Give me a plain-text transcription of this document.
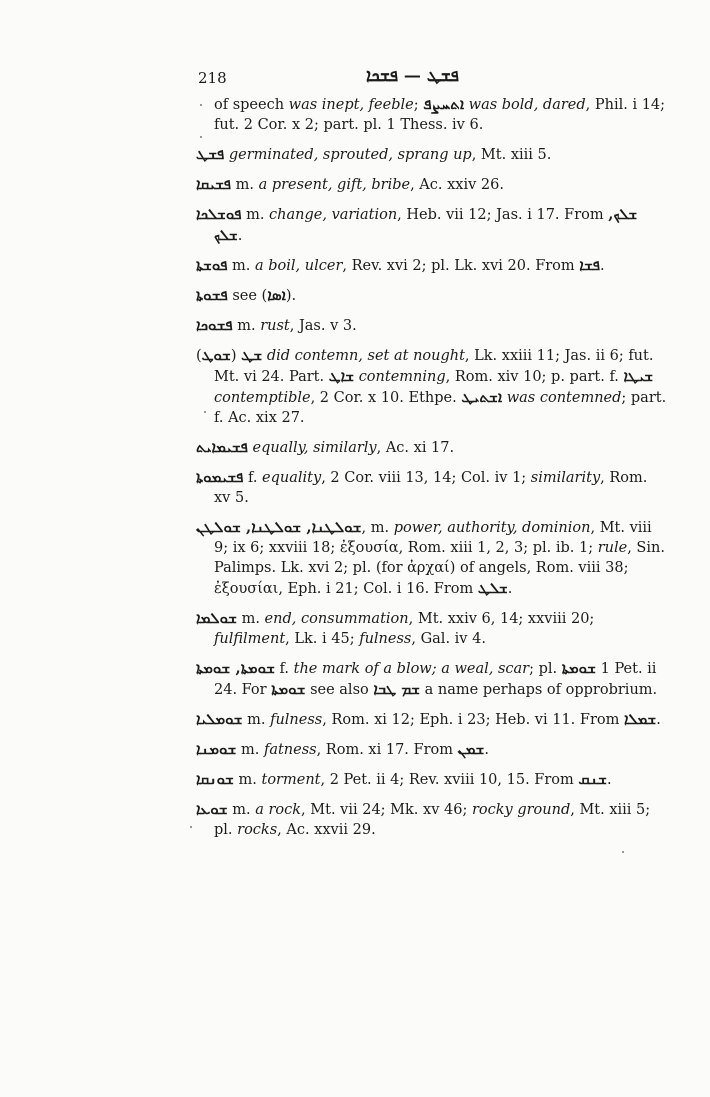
218	ܦܫܛ — ܦܫܟܐ

of speech was inept, feeble; ܐܬܚܨܦ was bold, dared, Phil. i 14; fut. 2 Cor. x 2; part. pl. 1 Thess. iv 6.

ܦܫܛ germinated, sprouted, sprang up, Mt. xiii 5.

ܦܫܝܩܐ m. a present, gift, bribe, Ac. xxiv 26.

ܦܘܫܠܟܐ m. change, variation, Heb. vii 12; Jas. i 17. From ܫܠܟ, ܫܠܟ.

ܦܘܫܬܐ m. a boil, ulcer, Rev. xvi 2; pl. Lk. xvi 20. From ܦܫܐ.

ܦܫܘܬܐ see (ܐܣܐ).

ܦܫܘܟܐ m. rust, Jas. v 3.

(ܫܘܛ) ܫܛ did contemn, set at nought, Lk. xxiii 11; Jas. ii 6; fut. Mt. vi 24. Part. ܫܐܛ contemning, Rom. xiv 10; p. part. f. ܫܝܛܐ contemptible, 2 Cor. x 10. Ethpe. ܐܫܬܝܛ was contemned; part. f. Ac. xix 27.

ܦܫܝܡܐܝܬ equally, similarly, Ac. xi 17.

ܦܫܝܡܘܬܐ f. equality, 2 Cor. viii 13, 14; Col. iv 1; similarity, Rom. xv 5.

ܫܘܠܛܢܐ, ܫܘܠܛܢܐ, ܫܘܠܛܢ, m. power, authority, dominion, Mt. viii 9; ix 6; xxviii 18; ἐξουσία, Rom. xiii 1, 2, 3; pl. ib. 1; rule, Sin. Palimps. Lk. xvi 2; pl. (for ἀρχαί) of angels, Rom. viii 38; ἐξουσίαι, Eph. i 21; Col. i 16. From ܫܠܛ.

ܫܘܠܡܐ m. end, consummation, Mt. xxiv 6, 14; xxviii 20; fulfilment, Lk. i 45; fulness, Gal. iv 4.

ܫܘܡܬܐ, ܫܘܡܬܐ f. the mark of a blow; a weal, scar; pl. ܫܘܡܬܐ 1 Pet. ii 24. For ܫܘܡܬܐ see also ܫܡ ܛܒܐ a name perhaps of opprobrium.

ܫܘܡܠܝܐ m. fulness, Rom. xi 12; Eph. i 23; Heb. vi 11. From ܫܡܠܐ.

ܫܘܡܢܐ m. fatness, Rom. xi 17. From ܫܡܢ.

ܫܘܢܩܐ m. torment, 2 Pet. ii 4; Rev. xviii 10, 15. From ܫܢܩ.

ܫܘܥܐ m. a rock, Mt. vii 24; Mk. xv 46; rocky ground, Mt. xiii 5; pl. rocks, Ac. xxvii 29.
